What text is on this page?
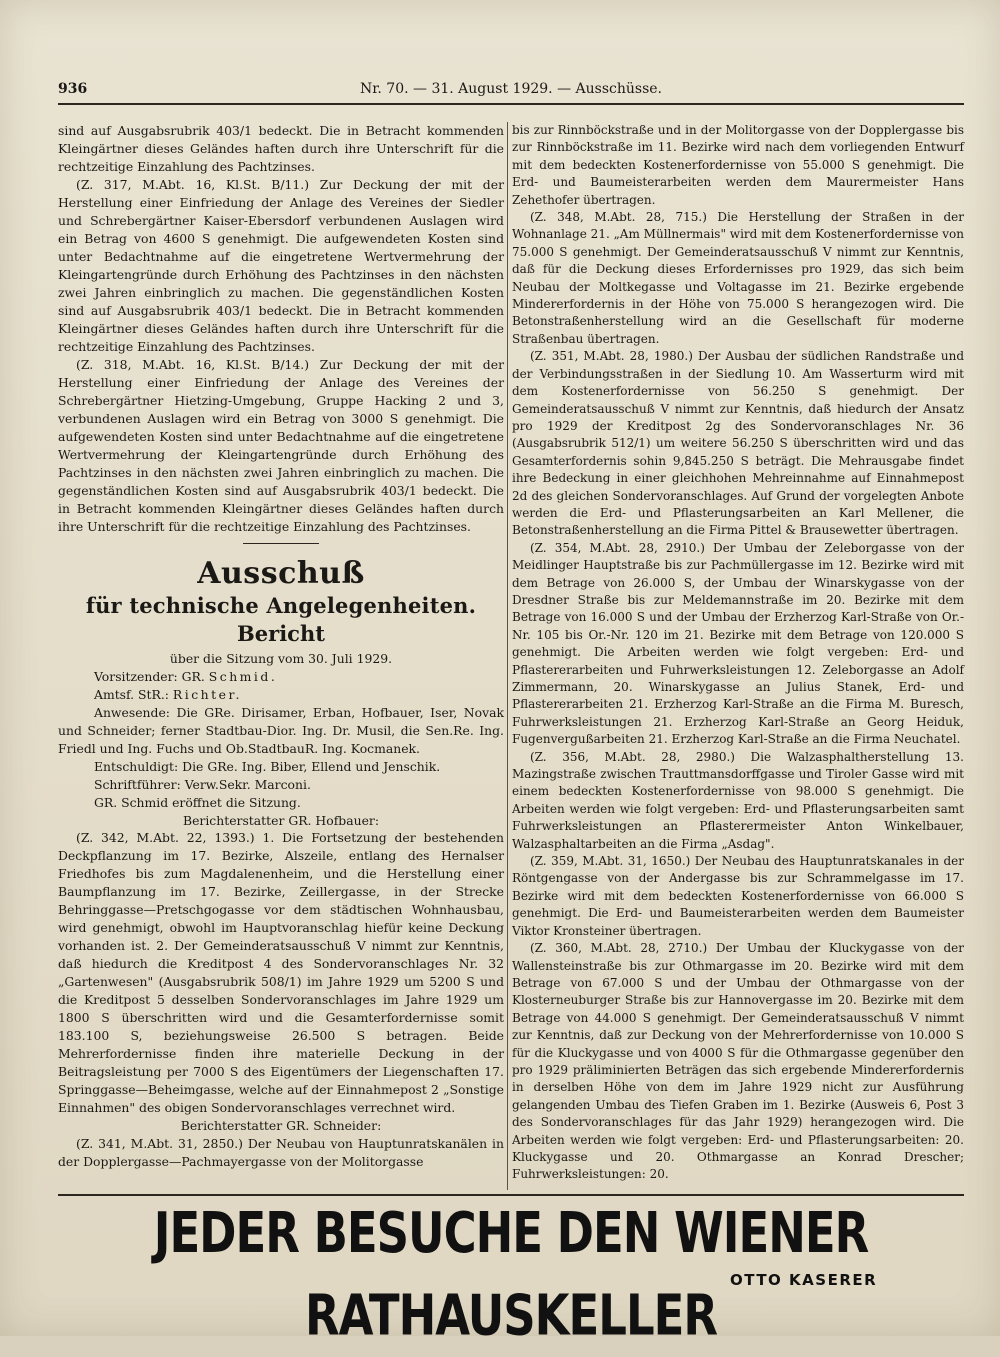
936	Nr. 70. — 31. August 1929. — Ausschüsse.

sind auf Ausgabsrubrik 403/1 bedeckt. Die in Betracht kommenden Kleingärtner dieses Geländes haften durch ihre Unterschrift für die rechtzeitige Einzahlung des Pachtzinses.

(Z. 317, M.Abt. 16, Kl.St. B/11.) Zur Deckung der mit der Herstellung einer Einfriedung der Anlage des Vereines der Siedler und Schrebergärtner Kaiser-Ebersdorf verbundenen Auslagen wird ein Betrag von 4600 S genehmigt. Die aufgewendeten Kosten sind unter Bedachtnahme auf die eingetretene Wertvermehrung der Kleingartengründe durch Erhöhung des Pachtzinses in den nächsten zwei Jahren einbringlich zu machen. Die gegenständlichen Kosten sind auf Ausgabsrubrik 403/1 bedeckt. Die in Betracht kommenden Kleingärtner dieses Geländes haften durch ihre Unterschrift für die rechtzeitige Einzahlung des Pachtzinses.

(Z. 318, M.Abt. 16, Kl.St. B/14.) Zur Deckung der mit der Herstellung einer Einfriedung der Anlage des Vereines der Schrebergärtner Hietzing-Umgebung, Gruppe Hacking 2 und 3, verbundenen Auslagen wird ein Betrag von 3000 S genehmigt. Die aufgewendeten Kosten sind unter Bedachtnahme auf die eingetretene Wertvermehrung der Kleingartengründe durch Erhöhung des Pachtzinses in den nächsten zwei Jahren einbringlich zu machen. Die gegenständlichen Kosten sind auf Ausgabsrubrik 403/1 bedeckt. Die in Betracht kommenden Kleingärtner dieses Geländes haften durch ihre Unterschrift für die rechtzeitige Einzahlung des Pachtzinses.

Ausschuß
für technische Angelegenheiten.
Bericht

über die Sitzung vom 30. Juli 1929.

Vorsitzender: GR. Schmid.

Amtsf. StR.: Richter.

Anwesende: Die GRe. Dirisamer, Erban, Hofbauer, Iser, Novak und Schneider; ferner Stadtbau-Dior. Ing. Dr. Musil, die Sen.Re. Ing. Friedl und Ing. Fuchs und Ob.StadtbauR. Ing. Kocmanek.

Entschuldigt: Die GRe. Ing. Biber, Ellend und Jenschik.

Schriftführer: Verw.Sekr. Marconi.

GR. Schmid eröffnet die Sitzung.

Berichterstatter GR. Hofbauer:

(Z. 342, M.Abt. 22, 1393.) 1. Die Fortsetzung der bestehenden Deckpflanzung im 17. Bezirke, Alszeile, entlang des Hernalser Friedhofes bis zum Magdalenenheim, und die Herstellung einer Baumpflanzung im 17. Bezirke, Zeillergasse, in der Strecke Behringgasse—Pretschgogasse vor dem städtischen Wohnhausbau, wird genehmigt, obwohl im Hauptvoranschlag hiefür keine Deckung vorhanden ist. 2. Der Gemeinderatsausschuß V nimmt zur Kenntnis, daß hiedurch die Kreditpost 4 des Sondervoranschlages Nr. 32 „Gartenwesen" (Ausgabsrubrik 508/1) im Jahre 1929 um 5200 S und die Kreditpost 5 desselben Sondervoranschlages im Jahre 1929 um 1800 S überschritten wird und die Gesamterfordernisse somit 183.100 S, beziehungsweise 26.500 S betragen. Beide Mehrerfordernisse finden ihre materielle Deckung in der Beitragsleistung per 7000 S des Eigentümers der Liegenschaften 17. Springgasse—Beheimgasse, welche auf der Einnahmepost 2 „Sonstige Einnahmen" des obigen Sondervoranschlages verrechnet wird.

Berichterstatter GR. Schneider:

(Z. 341, M.Abt. 31, 2850.) Der Neubau von Hauptunratskanälen in der Dopplergasse—Pachmayergasse von der Molitorgasse

bis zur Rinnböckstraße und in der Molitorgasse von der Dopplergasse bis zur Rinnböckstraße im 11. Bezirke wird nach dem vorliegenden Entwurf mit dem bedeckten Kostenerfordernisse von 55.000 S genehmigt. Die Erd- und Baumeisterarbeiten werden dem Maurermeister Hans Zehethofer übertragen.

(Z. 348, M.Abt. 28, 715.) Die Herstellung der Straßen in der Wohnanlage 21. „Am Müllnermais" wird mit dem Kostenerfordernisse von 75.000 S genehmigt. Der Gemeinderatsausschuß V nimmt zur Kenntnis, daß für die Deckung dieses Erfordernisses pro 1929, das sich beim Neubau der Moltkegasse und Voltagasse im 21. Bezirke ergebende Mindererfordernis in der Höhe von 75.000 S herangezogen wird. Die Betonstraßenherstellung wird an die Gesellschaft für moderne Straßenbau übertragen.

(Z. 351, M.Abt. 28, 1980.) Der Ausbau der südlichen Randstraße und der Verbindungsstraßen in der Siedlung 10. Am Wasserturm wird mit dem Kostenerfordernisse von 56.250 S genehmigt. Der Gemeinderatsausschuß V nimmt zur Kenntnis, daß hiedurch der Ansatz pro 1929 der Kreditpost 2g des Sondervoranschlages Nr. 36 (Ausgabsrubrik 512/1) um weitere 56.250 S überschritten wird und das Gesamterfordernis sohin 9,845.250 S beträgt. Die Mehrausgabe findet ihre Bedeckung in einer gleichhohen Mehreinnahme auf Einnahmepost 2d des gleichen Sondervoranschlages. Auf Grund der vorgelegten Anbote werden die Erd- und Pflasterungsarbeiten an Karl Mellener, die Betonstraßenherstellung an die Firma Pittel & Brausewetter übertragen.

(Z. 354, M.Abt. 28, 2910.) Der Umbau der Zeleborgasse von der Meidlinger Hauptstraße bis zur Pachmüllergasse im 12. Bezirke wird mit dem Betrage von 26.000 S, der Umbau der Winarskygasse von der Dresdner Straße bis zur Meldemannstraße im 20. Bezirke mit dem Betrage von 16.000 S und der Umbau der Erzherzog Karl-Straße von Or.-Nr. 105 bis Or.-Nr. 120 im 21. Bezirke mit dem Betrage von 120.000 S genehmigt. Die Arbeiten werden wie folgt vergeben: Erd- und Pflastererarbeiten und Fuhrwerksleistungen 12. Zeleborgasse an Adolf Zimmermann, 20. Winarskygasse an Julius Stanek, Erd- und Pflastererarbeiten 21. Erzherzog Karl-Straße an die Firma M. Buresch, Fuhrwerksleistungen 21. Erzherzog Karl-Straße an Georg Heiduk, Fugenvergußarbeiten 21. Erzherzog Karl-Straße an die Firma Neuchatel.

(Z. 356, M.Abt. 28, 2980.) Die Walzasphaltherstellung 13. Mazingstraße zwischen Trauttmansdorffgasse und Tiroler Gasse wird mit einem bedeckten Kostenerfordernisse von 98.000 S genehmigt. Die Arbeiten werden wie folgt vergeben: Erd- und Pflasterungsarbeiten samt Fuhrwerksleistungen an Pflasterermeister Anton Winkelbauer, Walzasphaltarbeiten an die Firma „Asdag".

(Z. 359, M.Abt. 31, 1650.) Der Neubau des Hauptunratskanales in der Röntgengasse von der Andergasse bis zur Schrammelgasse im 17. Bezirke wird mit dem bedeckten Kostenerfordernisse von 66.000 S genehmigt. Die Erd- und Baumeisterarbeiten werden dem Baumeister Viktor Kronsteiner übertragen.

(Z. 360, M.Abt. 28, 2710.) Der Umbau der Kluckygasse von der Wallensteinstraße bis zur Othmargasse im 20. Bezirke wird mit dem Betrage von 67.000 S und der Umbau der Othmargasse von der Klosterneuburger Straße bis zur Hannovergasse im 20. Bezirke mit dem Betrage von 44.000 S genehmigt. Der Gemeinderatsausschuß V nimmt zur Kenntnis, daß zur Deckung von der Mehrerfordernisse von 10.000 S für die Kluckygasse und von 4000 S für die Othmargasse gegenüber den pro 1929 präliminierten Beträgen das sich ergebende Mindererfordernis in derselben Höhe von dem im Jahre 1929 nicht zur Ausführung gelangenden Umbau des Tiefen Graben im 1. Bezirke (Ausweis 6, Post 3 des Sondervoranschlages für das Jahr 1929) herangezogen wird. Die Arbeiten werden wie folgt vergeben: Erd- und Pflasterungsarbeiten: 20. Kluckygasse und 20. Othmargasse an Konrad Drescher; Fuhrwerksleistungen: 20.

JEDER BESUCHE DEN WIENER RATHAUSKELLER
OTTO KASERER
